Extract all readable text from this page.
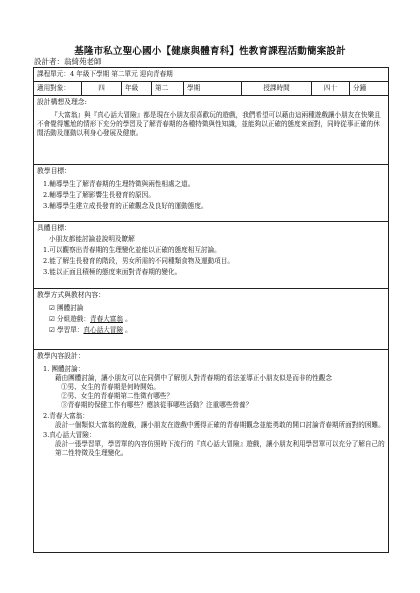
基隆市私立聖心國小【健康與體育科】性教育課程活動簡案設計
設計者：翁綺苑老師
課程單元：4 年級下學期 第二單元 迎向青春期
適用對象：	四	年級	第二	學期	授課時間	四十	分鐘

設計構想及理念:

『大富翁』與『真心話大冒險』都是現在小朋友很喜歡玩的遊戲，我們希望可以藉由這兩種遊戲讓小朋友在快樂且不會覺得尷尬的情形下充分的學習及了解青春期的各種特徵與性知識，並能夠以正確的態度來面對，同時從事正確的休閒活動及運動以利身心發展及健康。

教學目標：
1.輔導學生了解青春期的生理特徵與兩性相處之道。
2.輔導學生了解影響生長發育的原因。
3.輔導學生建立成長發育的正確觀念及良好的運動態度。

具體目標：
小朋友都能討論並說明及瞭解
1.可以觀察出青春期的生理變化並能以正確的態度相互討論。
2.能了解生長發育的階段，男女所需的不同種類食物及運動項目。
3.能以正面且積極的態度來面對青春期的變化。

教學方式與教材內容：
☑ 團體討論
☑ 分組遊戲：青春大富翁 。
☑ 學習單：真心話大冒險 。

教學內容設計：
1. 團體討論：
藉由團體討論，讓小朋友可以在同儕中了解別人對青春期的看法並導正小朋友似是而非的性觀念
①男、女生的青春期是何時開始。
②男、女生的青春期第二性徵有哪些？
③青春期的保健工作有哪些？應該從事哪些活動？注重哪些營養？
2.青春大富翁：
設計一個類似大富翁的遊戲，讓小朋友在遊戲中獲得正確的青春期觀念並能勇敢的開口討論青春期所面對的困難。
3.真心話大冒險：
設計一張學習單，學習單的內容仿照時下流行的『真心話大冒險』遊戲，讓小朋友利用學習單可以充分了解自己的第二性特徵及生理變化。
